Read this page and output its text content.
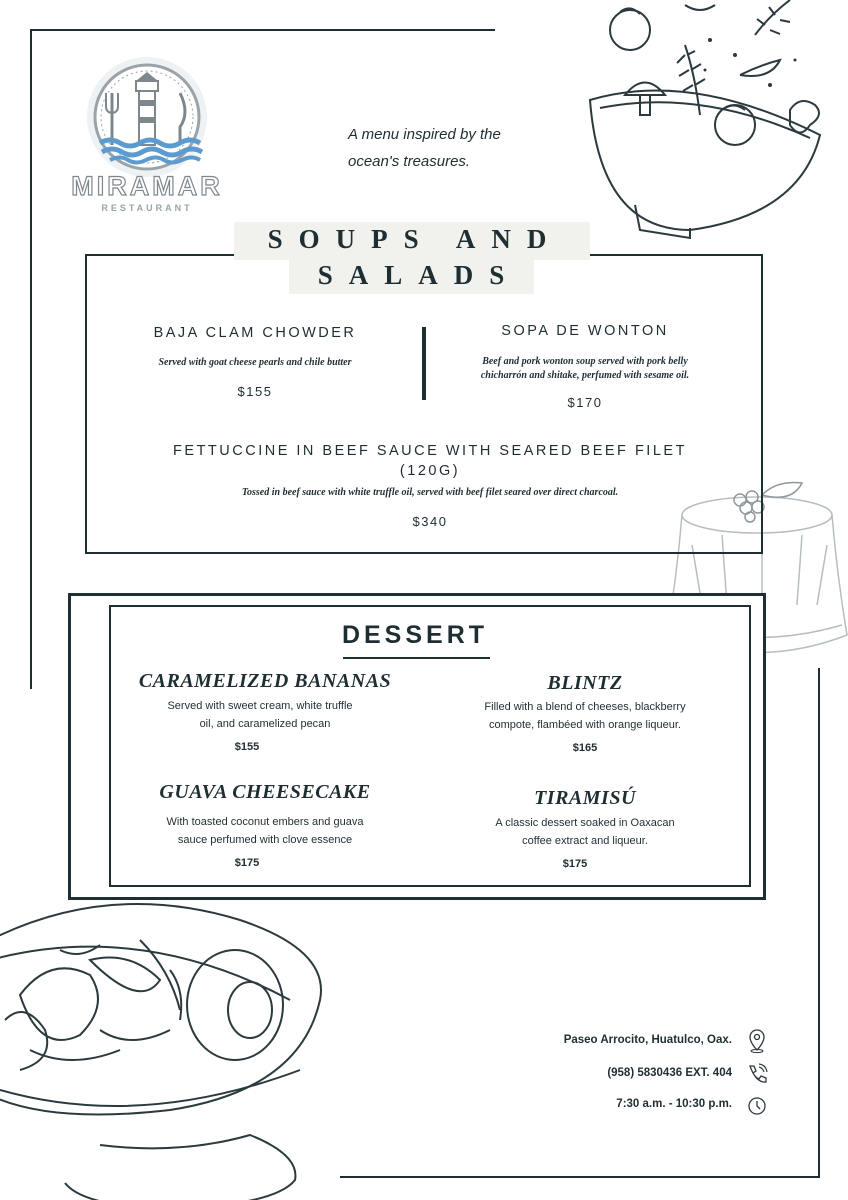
MIRAMAR
RESTAURANT
A menu inspired by the
ocean's treasures.
SOUPS AND
SALADS
BAJA CLAM CHOWDER
Served with goat cheese pearls and chile butter
$155
SOPA DE WONTON
Beef and pork wonton soup served with pork belly
chicharrón and shitake, perfumed with sesame oil.
$170
FETTUCCINE IN BEEF SAUCE WITH SEARED BEEF FILET
(120G)
Tossed in beef sauce with white truffle oil, served with beef filet seared over direct charcoal.
$340
DESSERT
CARAMELIZED BANANAS
Served with sweet cream, white truffle
oil, and caramelized pecan
$155
BLINTZ
Filled with a blend of cheeses, blackberry
compote, flambéed with orange liqueur.
$165
GUAVA CHEESECAKE
With toasted coconut embers and guava
sauce perfumed with clove essence
$175
TIRAMISÚ
A classic dessert soaked in Oaxacan
coffee extract and liqueur.
$175
Paseo Arrocito, Huatulco, Oax.
(958) 5830436 EXT. 404
7:30 a.m. - 10:30 p.m.
